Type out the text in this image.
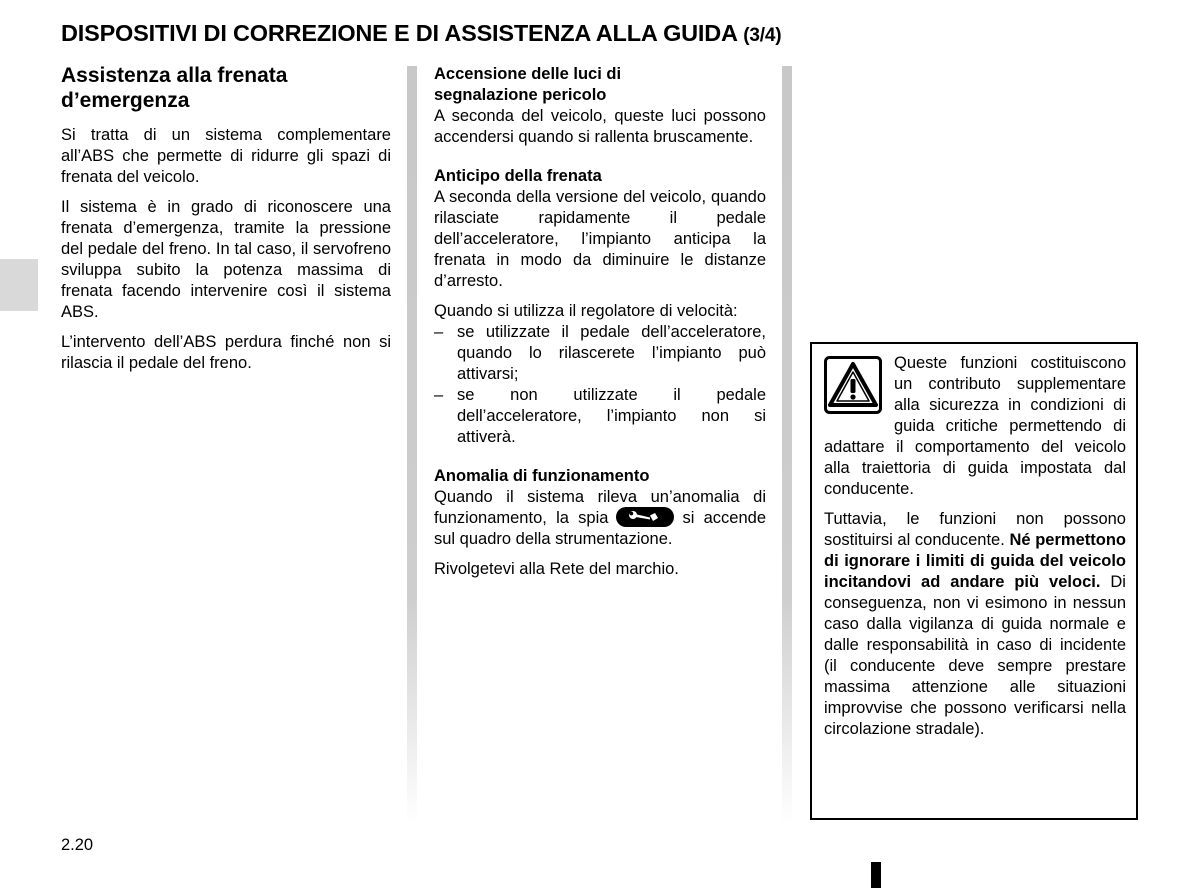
DISPOSITIVI DI CORREZIONE E DI ASSISTENZA ALLA GUIDA (3/4)
Assistenza alla frenata
d’emergenza

Si tratta di un sistema complementare all’ABS che permette di ridurre gli spazi di frenata del veicolo.

Il sistema è in grado di riconoscere una frenata d’emergenza, tramite la pressione del pedale del freno. In tal caso, il servofreno sviluppa subito la potenza massima di frenata facendo intervenire così il sistema ABS.

L’intervento dell’ABS perdura finché non si rilascia il pedale del freno.

Accensione delle luci di
segnalazione pericolo

A seconda del veicolo, queste luci possono accendersi quando si rallenta bruscamente.

Anticipo della frenata

A seconda della versione del veicolo, quando rilasciate rapidamente il pedale dell’acceleratore, l’impianto anticipa la frenata in modo da diminuire le distanze d’arresto.

Quando si utilizza il regolatore di velocità:

– se utilizzate il pedale dell’acceleratore, quando lo rilascerete l’impianto può attivarsi;
– se non utilizzate il pedale dell’acceleratore, l’impianto non si attiverà.

Anomalia di funzionamento

Quando il sistema rileva un’anomalia di funzionamento, la spia	si accende sul quadro della strumentazione.

Rivolgetevi alla Rete del marchio.

Queste funzioni costituiscono un contributo supplementare alla sicurezza in condizioni di guida critiche permettendo di adattare il comportamento del veicolo alla traiettoria di guida impostata dal conducente.

Tuttavia, le funzioni non possono sostituirsi al conducente. Né permettono di ignorare i limiti di guida del veicolo incitandovi ad andare più veloci. Di conseguenza, non vi esimono in nessun caso dalla vigilanza di guida normale e dalle responsabilità in caso di incidente (il conducente deve sempre prestare massima attenzione alle situazioni improvvise che possono verificarsi nella circolazione stradale).

2.20
